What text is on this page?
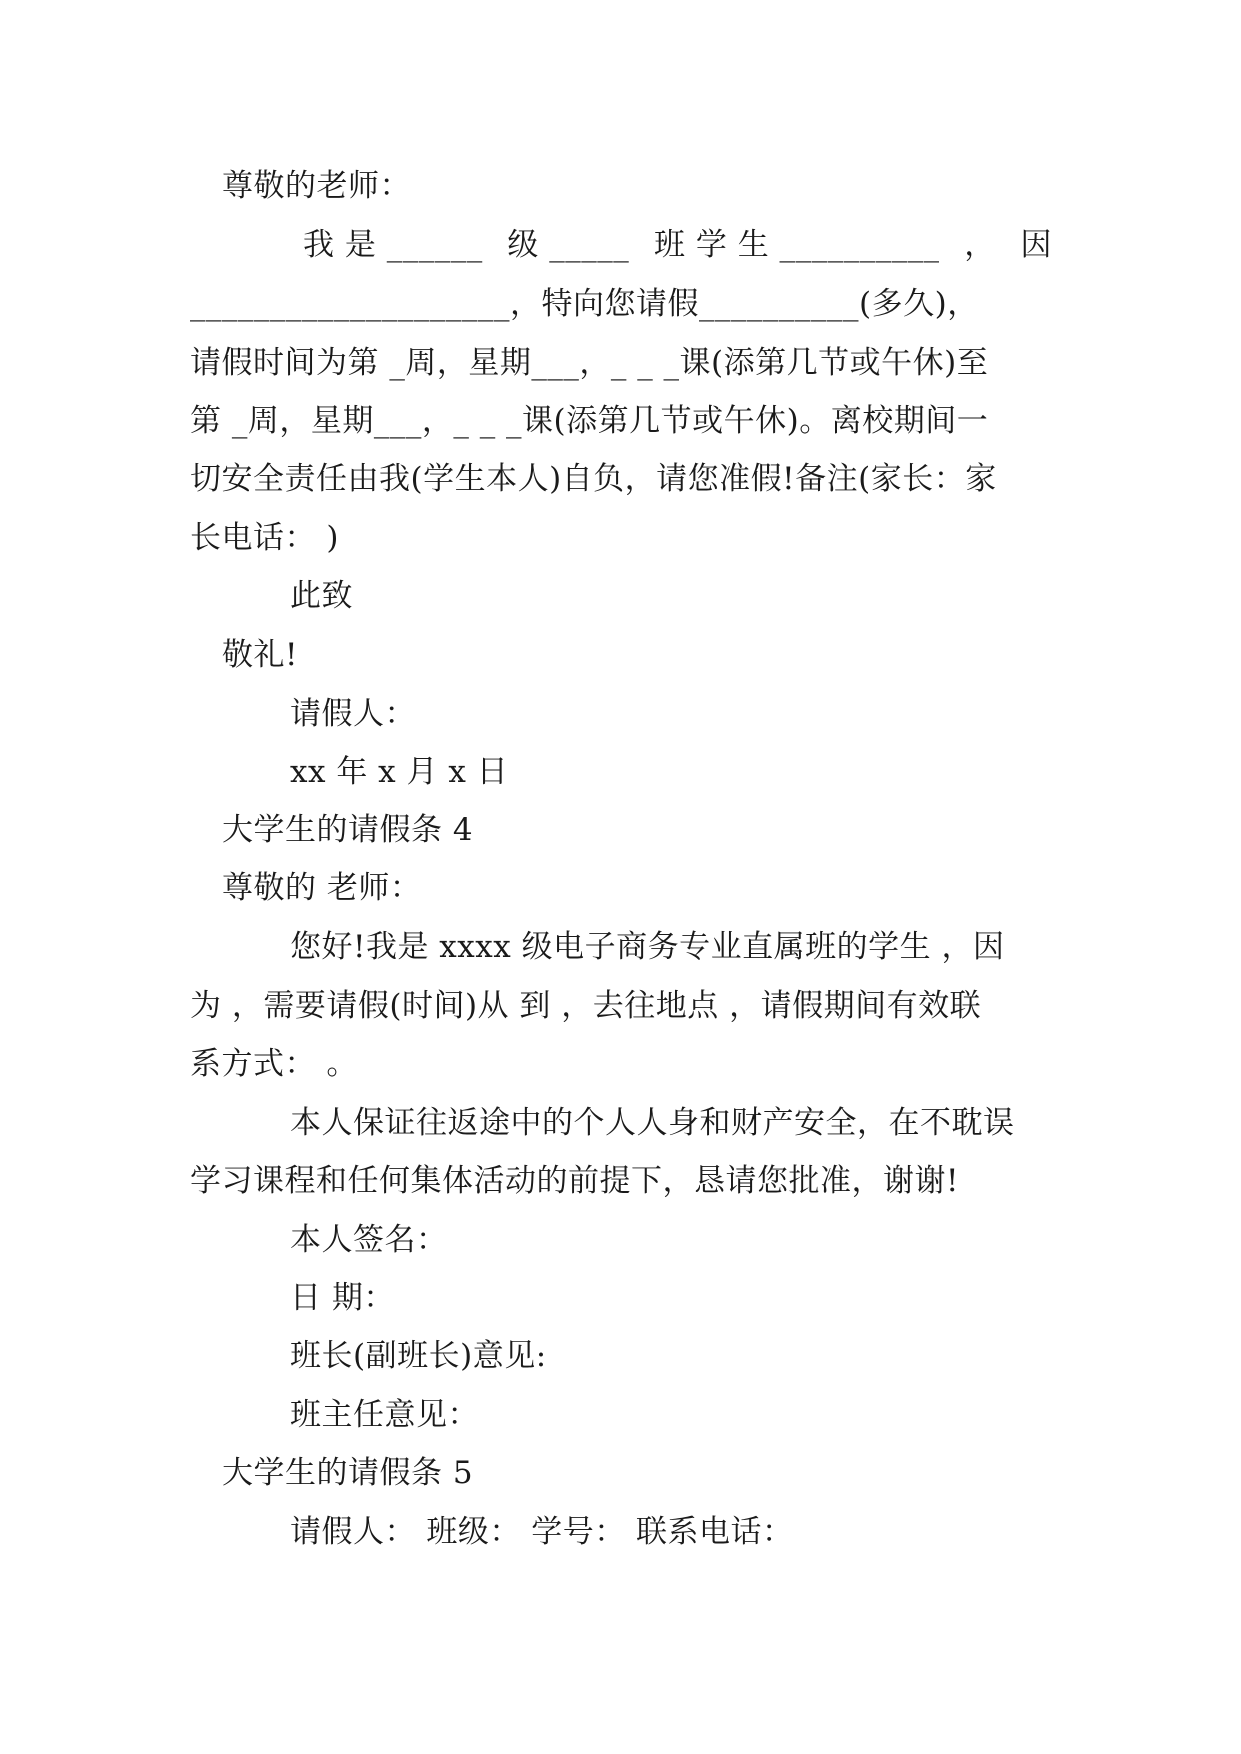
尊敬的老师：
我 是 ______ 级 _____ 班 学 生 __________ ， 因
____________________，特向您请假__________(多久)，
请假时间为第 _周，星期___，_ _ _课(添第几节或午休)至
第 _周，星期___，_ _ _课(添第几节或午休)。离校期间一
切安全责任由我(学生本人)自负，请您准假!备注(家长：家
长电话： )
此致
敬礼!
请假人：
xx 年 x 月 x 日
大学生的请假条 4
尊敬的 老师：
您好!我是 xxxx 级电子商务专业直属班的学生 ，因
为 ，需要请假(时间)从 到 ，去往地点 ，请假期间有效联
系方式： 。
本人保证往返途中的个人人身和财产安全，在不耽误
学习课程和任何集体活动的前提下，恳请您批准，谢谢!
本人签名：
日 期：
班长(副班长)意见:
班主任意见：
大学生的请假条 5
请假人： 班级： 学号： 联系电话：
